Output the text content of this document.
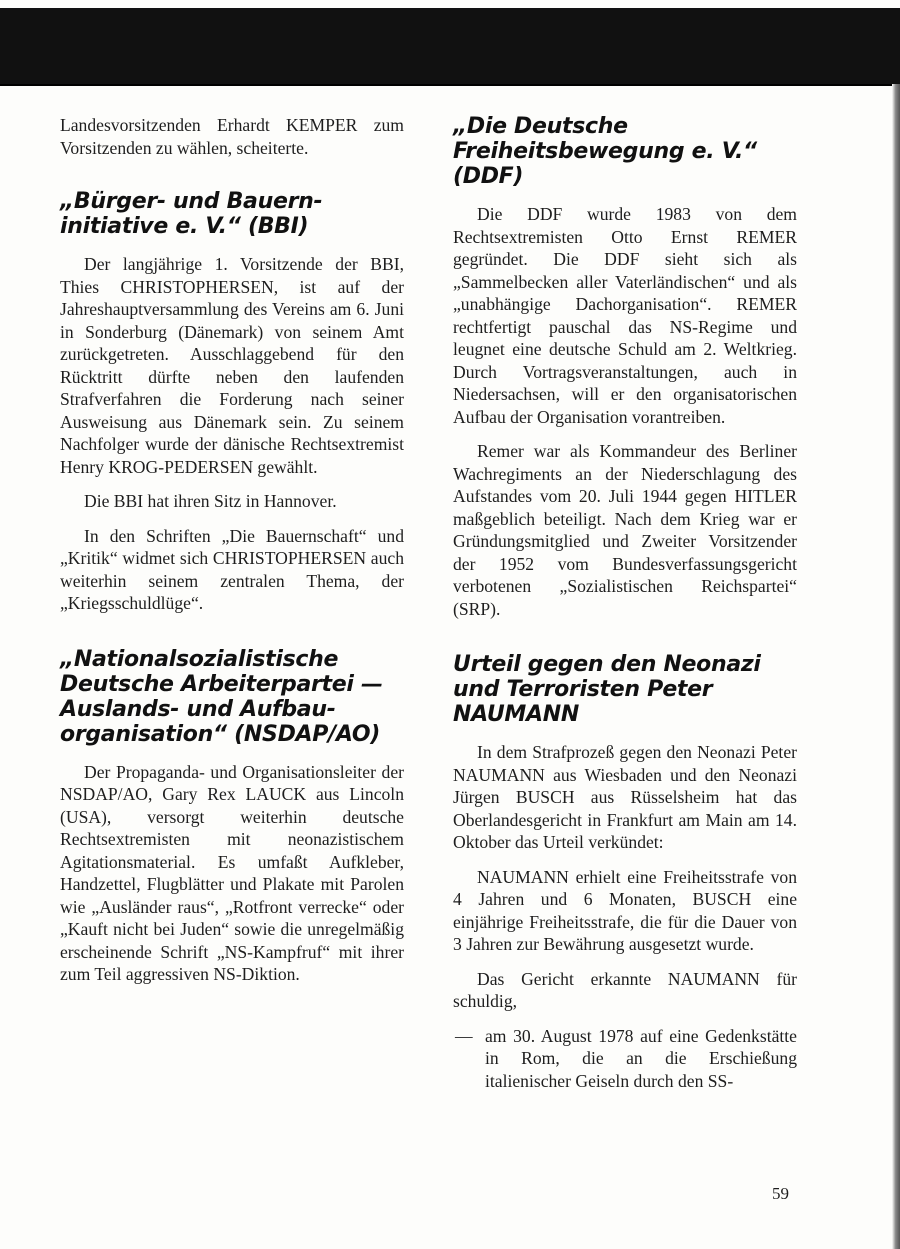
Landesvorsitzenden Erhardt KEMPER zum Vorsitzenden zu wählen, scheiterte.

„Bürger- und Bauern-initiative e. V.“ (BBI)

Der langjährige 1. Vorsitzende der BBI, Thies CHRISTOPHERSEN, ist auf der Jahreshauptversammlung des Vereins am 6. Juni in Sonderburg (Dänemark) von seinem Amt zurückgetreten. Ausschlaggebend für den Rücktritt dürfte neben den laufenden Strafverfahren die Forderung nach seiner Ausweisung aus Dänemark sein. Zu seinem Nachfolger wurde der dänische Rechtsextremist Henry KROG-PEDERSEN gewählt.

Die BBI hat ihren Sitz in Hannover.

In den Schriften „Die Bauernschaft“ und „Kritik“ widmet sich CHRISTOPHERSEN auch weiterhin seinem zentralen Thema, der „Kriegsschuldlüge“.

„Nationalsozialistische Deutsche Arbeiterpartei — Auslands- und Aufbau-organisation“ (NSDAP/AO)

Der Propaganda- und Organisationsleiter der NSDAP/AO, Gary Rex LAUCK aus Lincoln (USA), versorgt weiterhin deutsche Rechtsextremisten mit neonazistischem Agitationsmaterial. Es umfaßt Aufkleber, Handzettel, Flugblätter und Plakate mit Parolen wie „Ausländer raus“, „Rotfront verrecke“ oder „Kauft nicht bei Juden“ sowie die unregelmäßig erscheinende Schrift „NS-Kampfruf“ mit ihrer zum Teil aggressiven NS-Diktion.

„Die Deutsche Freiheitsbewegung e. V.“ (DDF)

Die DDF wurde 1983 von dem Rechtsextremisten Otto Ernst REMER gegründet. Die DDF sieht sich als „Sammelbecken aller Vaterländischen“ und als „unabhängige Dachorganisation“. REMER rechtfertigt pauschal das NS-Regime und leugnet eine deutsche Schuld am 2. Weltkrieg. Durch Vortragsveranstaltungen, auch in Niedersachsen, will er den organisatorischen Aufbau der Organisation vorantreiben.

Remer war als Kommandeur des Berliner Wachregiments an der Niederschlagung des Aufstandes vom 20. Juli 1944 gegen HITLER maßgeblich beteiligt. Nach dem Krieg war er Gründungsmitglied und Zweiter Vorsitzender der 1952 vom Bundesverfassungsgericht verbotenen „Sozialistischen Reichspartei“ (SRP).

Urteil gegen den Neonazi und Terroristen Peter NAUMANN

In dem Strafprozeß gegen den Neonazi Peter NAUMANN aus Wiesbaden und den Neonazi Jürgen BUSCH aus Rüsselsheim hat das Oberlandesgericht in Frankfurt am Main am 14. Oktober das Urteil verkündet:

NAUMANN erhielt eine Freiheitsstrafe von 4 Jahren und 6 Monaten, BUSCH eine einjährige Freiheitsstrafe, die für die Dauer von 3 Jahren zur Bewährung ausgesetzt wurde.

Das Gericht erkannte NAUMANN für schuldig,

— am 30. August 1978 auf eine Gedenkstätte in Rom, die an die Erschießung italienischer Geiseln durch den SS-
59
